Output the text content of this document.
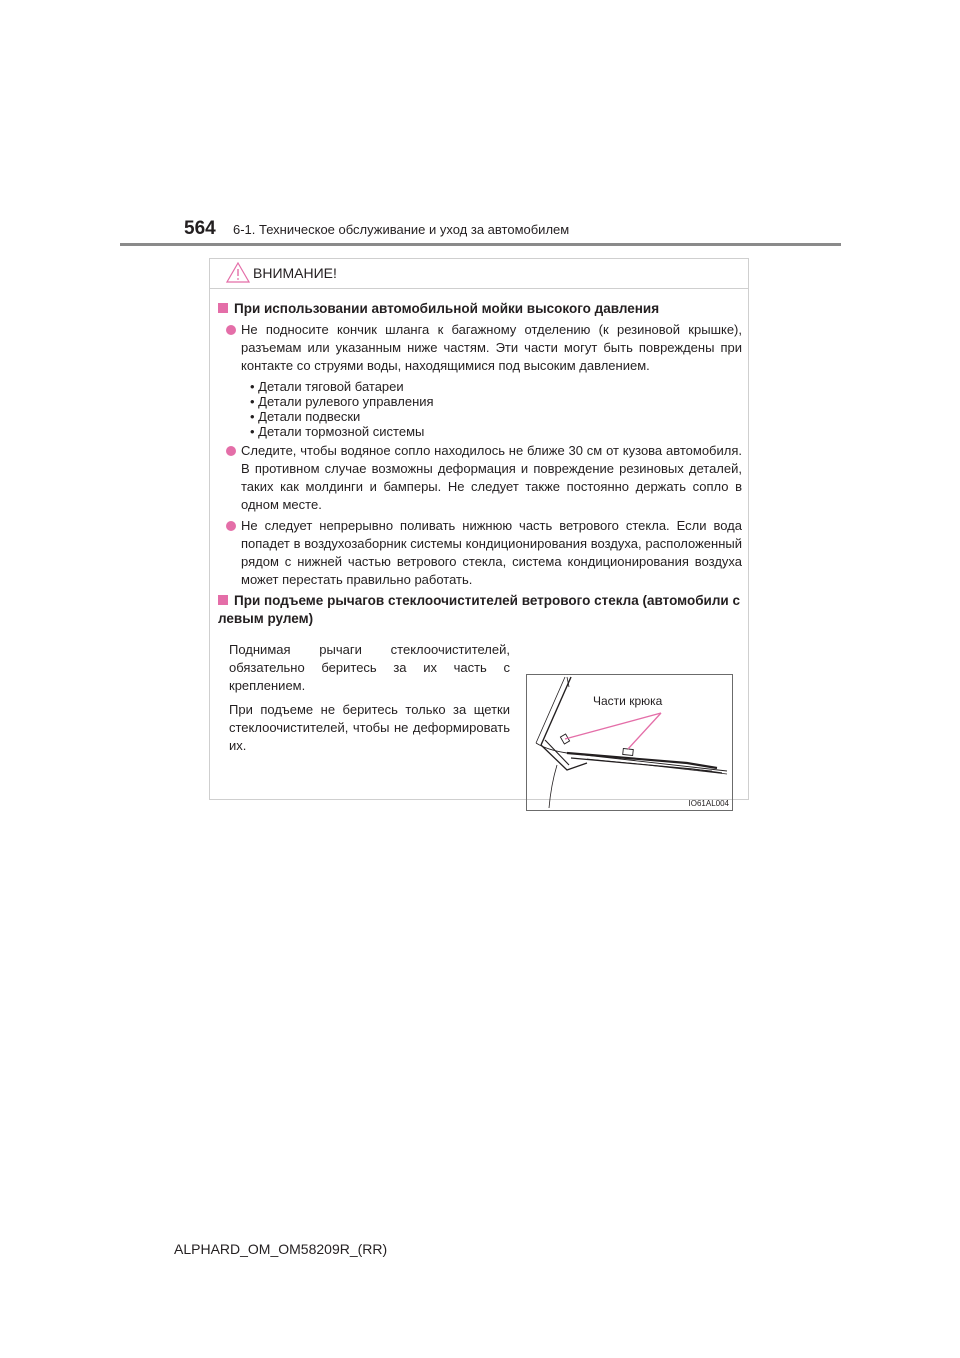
564 6-1. Техническое обслуживание и уход за автомобилем
ВНИМАНИЕ!
При использовании автомобильной мойки высокого давления
Не подносите кончик шланга к багажному отделению (к резиновой крышке), разъемам или указанным ниже частям. Эти части могут быть повреждены при контакте со струями воды, находящимися под высоким давлением.
• Детали тяговой батареи
• Детали рулевого управления
• Детали подвески
• Детали тормозной системы
Следите, чтобы водяное сопло находилось не ближе 30 см от кузова автомобиля. В противном случае возможны деформация и повреждение резиновых деталей, таких как молдинги и бамперы. Не следует также постоянно держать сопло в одном месте.
Не следует непрерывно поливать нижнюю часть ветрового стекла. Если вода попадет в воздухозаборник системы кондиционирования воздуха, расположенный рядом с нижней частью ветрового стекла, система кондиционирования воздуха может перестать правильно работать.
При подъеме рычагов стеклоочистителей ветрового стекла (автомобили с левым рулем)
Поднимая рычаги стеклоочистителей, обязательно беритесь за их часть с креплением.
При подъеме не беритесь только за щетки стеклоочистителей, чтобы не деформировать их.
Части крюка
IO61AL004
ALPHARD_OM_OM58209R_(RR)
